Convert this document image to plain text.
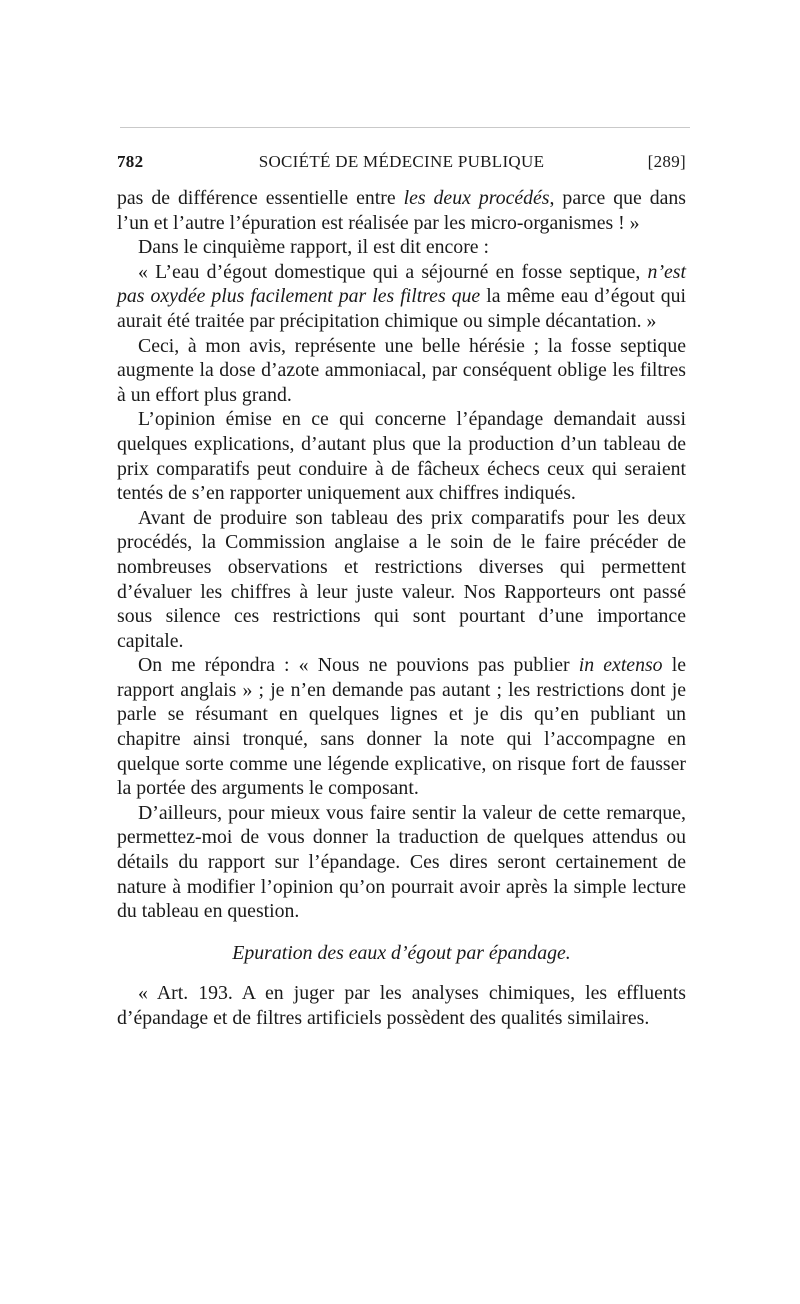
SOCIÉTÉ DE MÉDECINE PUBLIQUE
782	[289]

pas de différence essentielle entre les deux procédés, parce que dans l’un et l’autre l’épuration est réalisée par les micro-organismes ! »

Dans le cinquième rapport, il est dit encore :

« L’eau d’égout domestique qui a séjourné en fosse septique, n’est pas oxydée plus facilement par les filtres que la même eau d’égout qui aurait été traitée par précipitation chimique ou simple décantation. »

Ceci, à mon avis, représente une belle hérésie ; la fosse septique augmente la dose d’azote ammoniacal, par conséquent oblige les filtres à un effort plus grand.

L’opinion émise en ce qui concerne l’épandage demandait aussi quelques explications, d’autant plus que la production d’un tableau de prix comparatifs peut conduire à de fâcheux échecs ceux qui seraient tentés de s’en rapporter uniquement aux chiffres indiqués.

Avant de produire son tableau des prix comparatifs pour les deux procédés, la Commission anglaise a le soin de le faire précéder de nombreuses observations et restrictions diverses qui permettent d’évaluer les chiffres à leur juste valeur. Nos Rapporteurs ont passé sous silence ces restrictions qui sont pourtant d’une importance capitale.

On me répondra : « Nous ne pouvions pas publier in extenso le rapport anglais » ; je n’en demande pas autant ; les restrictions dont je parle se résumant en quelques lignes et je dis qu’en publiant un chapitre ainsi tronqué, sans donner la note qui l’accompagne en quelque sorte comme une légende explicative, on risque fort de fausser la portée des arguments le composant.

D’ailleurs, pour mieux vous faire sentir la valeur de cette remarque, permettez-moi de vous donner la traduction de quelques attendus ou détails du rapport sur l’épandage. Ces dires seront certainement de nature à modifier l’opinion qu’on pourrait avoir après la simple lecture du tableau en question.

Epuration des eaux d’égout par épandage.

« Art. 193. A en juger par les analyses chimiques, les effluents d’épandage et de filtres artificiels possèdent des qualités similaires.
